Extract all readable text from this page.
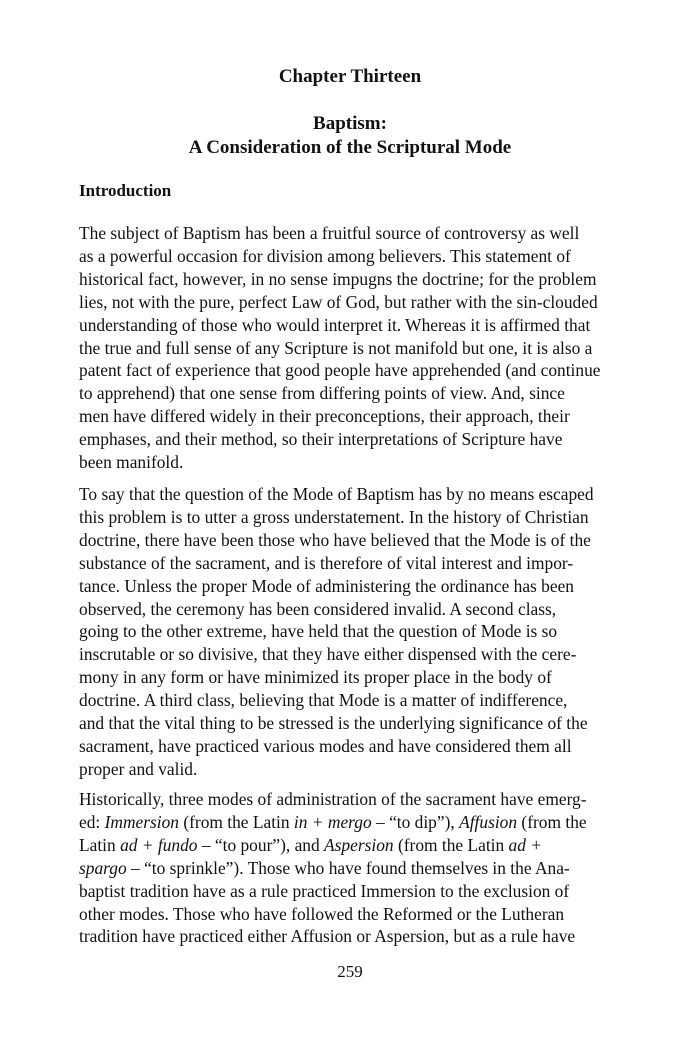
Chapter Thirteen
Baptism:
A Consideration of the Scriptural Mode
Introduction

The subject of Baptism has been a fruitful source of controversy as well
as a powerful occasion for division among believers. This statement of
historical fact, however, in no sense impugns the doctrine; for the problem
lies, not with the pure, perfect Law of God, but rather with the sin-clouded
understanding of those who would interpret it. Whereas it is affirmed that
the true and full sense of any Scripture is not manifold but one, it is also a
patent fact of experience that good people have apprehended (and continue
to apprehend) that one sense from differing points of view. And, since
men have differed widely in their preconceptions, their approach, their
emphases, and their method, so their interpretations of Scripture have
been manifold.

To say that the question of the Mode of Baptism has by no means escaped
this problem is to utter a gross understatement. In the history of Christian
doctrine, there have been those who have believed that the Mode is of the
substance of the sacrament, and is therefore of vital interest and impor-
tance. Unless the proper Mode of administering the ordinance has been
observed, the ceremony has been considered invalid. A second class,
going to the other extreme, have held that the question of Mode is so
inscrutable or so divisive, that they have either dispensed with the cere-
mony in any form or have minimized its proper place in the body of
doctrine. A third class, believing that Mode is a matter of indifference,
and that the vital thing to be stressed is the underlying significance of the
sacrament, have practiced various modes and have considered them all
proper and valid.

Historically, three modes of administration of the sacrament have emerg-
ed: Immersion (from the Latin in + mergo – “to dip”), Affusion (from the
Latin ad + fundo – “to pour”), and Aspersion (from the Latin ad +
spargo – “to sprinkle”). Those who have found themselves in the Ana-
baptist tradition have as a rule practiced Immersion to the exclusion of
other modes. Those who have followed the Reformed or the Lutheran
tradition have practiced either Affusion or Aspersion, but as a rule have

259
